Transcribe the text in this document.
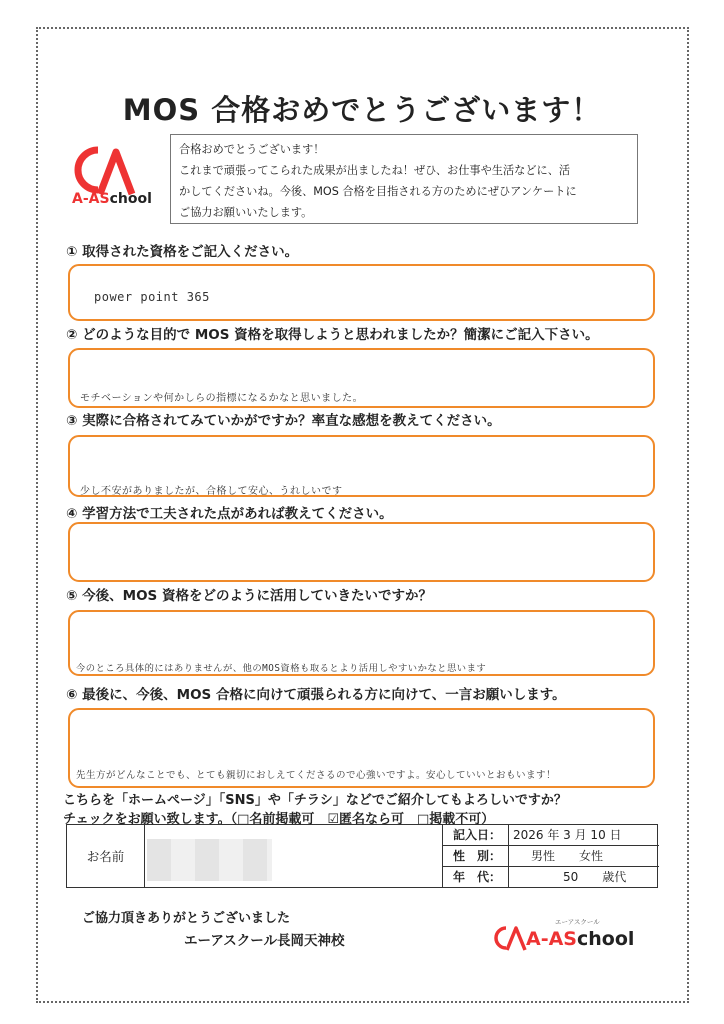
MOS 合格おめでとうございます！
A-ASchool
合格おめでとうございます！
これまで頑張ってこられた成果が出ましたね！ぜひ、お仕事や生活などに、活
かしてくださいね。今後、MOS 合格を目指される方のためにぜひアンケートに
ご協力お願いいたします。
① 取得された資格をご記入ください。
power point 365
② どのような目的で MOS 資格を取得しようと思われましたか？簡潔にご記入下さい。
モチベーションや何かしらの指標になるかなと思いました。
③ 実際に合格されてみていかがですか？率直な感想を教えてください。
少し不安がありましたが、合格して安心、うれしいです
④ 学習方法で工夫された点があれば教えてください。
⑤ 今後、MOS 資格をどのように活用していきたいですか？
今のところ具体的にはありませんが、他のMOS資格も取るとより活用しやすいかなと思います
⑥ 最後に、今後、MOS 合格に向けて頑張られる方に向けて、一言お願いします。
先生方がどんなことでも、とても親切におしえてくださるので心強いですよ。安心していいとおもいます！
こちらを「ホームページ」「SNS」や「チラシ」などでご紹介してもよろしいですか？
チェックをお願い致します。（□名前掲載可　☑匿名なら可　□掲載不可）
お名前
記入日： 2026 年 3 月 10 日
性　別：	男性　　女性
年　代：	50　　歳代
ご協力頂きありがとうございました
エーアスクール長岡天神校
エーアスクール
A-ASchool
